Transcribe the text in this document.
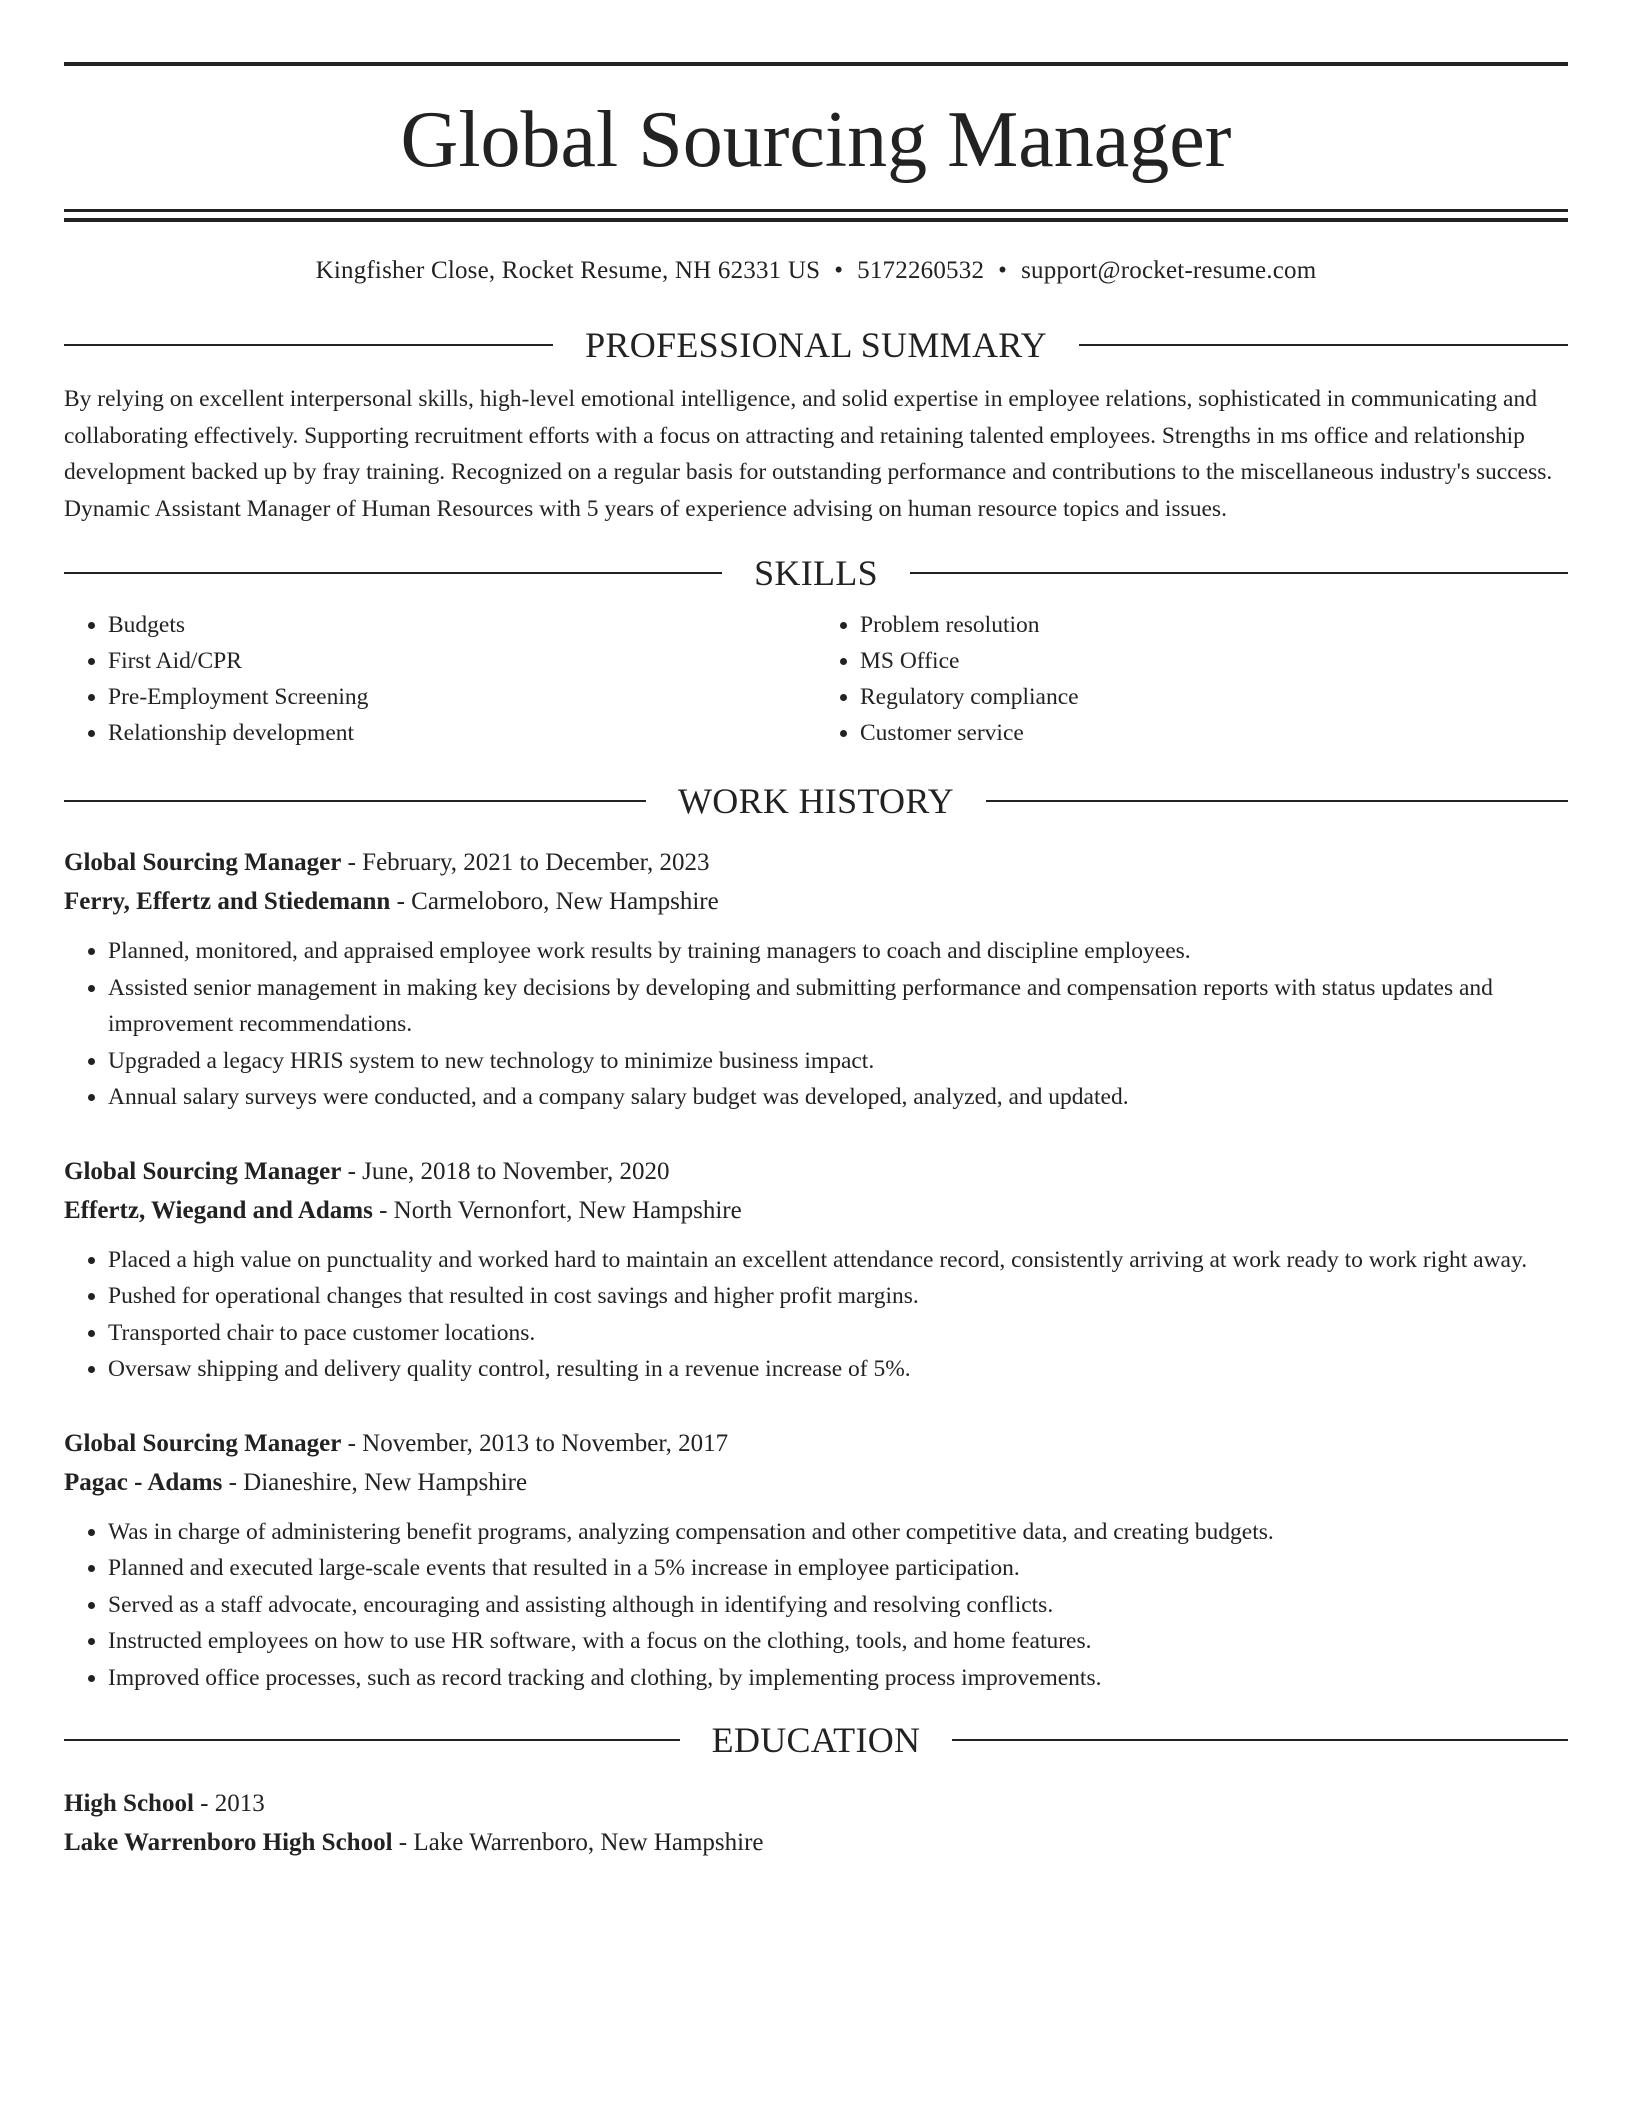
Global Sourcing Manager
Kingfisher Close, Rocket Resume, NH 62331 US • 5172260532 • support@rocket-resume.com
PROFESSIONAL SUMMARY
By relying on excellent interpersonal skills, high-level emotional intelligence, and solid expertise in employee relations, sophisticated in communicating and collaborating effectively. Supporting recruitment efforts with a focus on attracting and retaining talented employees. Strengths in ms office and relationship development backed up by fray training. Recognized on a regular basis for outstanding performance and contributions to the miscellaneous industry's success. Dynamic Assistant Manager of Human Resources with 5 years of experience advising on human resource topics and issues.
SKILLS
• Budgets
• First Aid/CPR
• Pre-Employment Screening
• Relationship development
• Problem resolution
• MS Office
• Regulatory compliance
• Customer service
WORK HISTORY
Global Sourcing Manager - February, 2021 to December, 2023
Ferry, Effertz and Stiedemann - Carmeloboro, New Hampshire
• Planned, monitored, and appraised employee work results by training managers to coach and discipline employees.
• Assisted senior management in making key decisions by developing and submitting performance and compensation reports with status updates and improvement recommendations.
• Upgraded a legacy HRIS system to new technology to minimize business impact.
• Annual salary surveys were conducted, and a company salary budget was developed, analyzed, and updated.
Global Sourcing Manager - June, 2018 to November, 2020
Effertz, Wiegand and Adams - North Vernonfort, New Hampshire
• Placed a high value on punctuality and worked hard to maintain an excellent attendance record, consistently arriving at work ready to work right away.
• Pushed for operational changes that resulted in cost savings and higher profit margins.
• Transported chair to pace customer locations.
• Oversaw shipping and delivery quality control, resulting in a revenue increase of 5%.
Global Sourcing Manager - November, 2013 to November, 2017
Pagac - Adams - Dianeshire, New Hampshire
• Was in charge of administering benefit programs, analyzing compensation and other competitive data, and creating budgets.
• Planned and executed large-scale events that resulted in a 5% increase in employee participation.
• Served as a staff advocate, encouraging and assisting although in identifying and resolving conflicts.
• Instructed employees on how to use HR software, with a focus on the clothing, tools, and home features.
• Improved office processes, such as record tracking and clothing, by implementing process improvements.
EDUCATION
High School - 2013
Lake Warrenboro High School - Lake Warrenboro, New Hampshire
